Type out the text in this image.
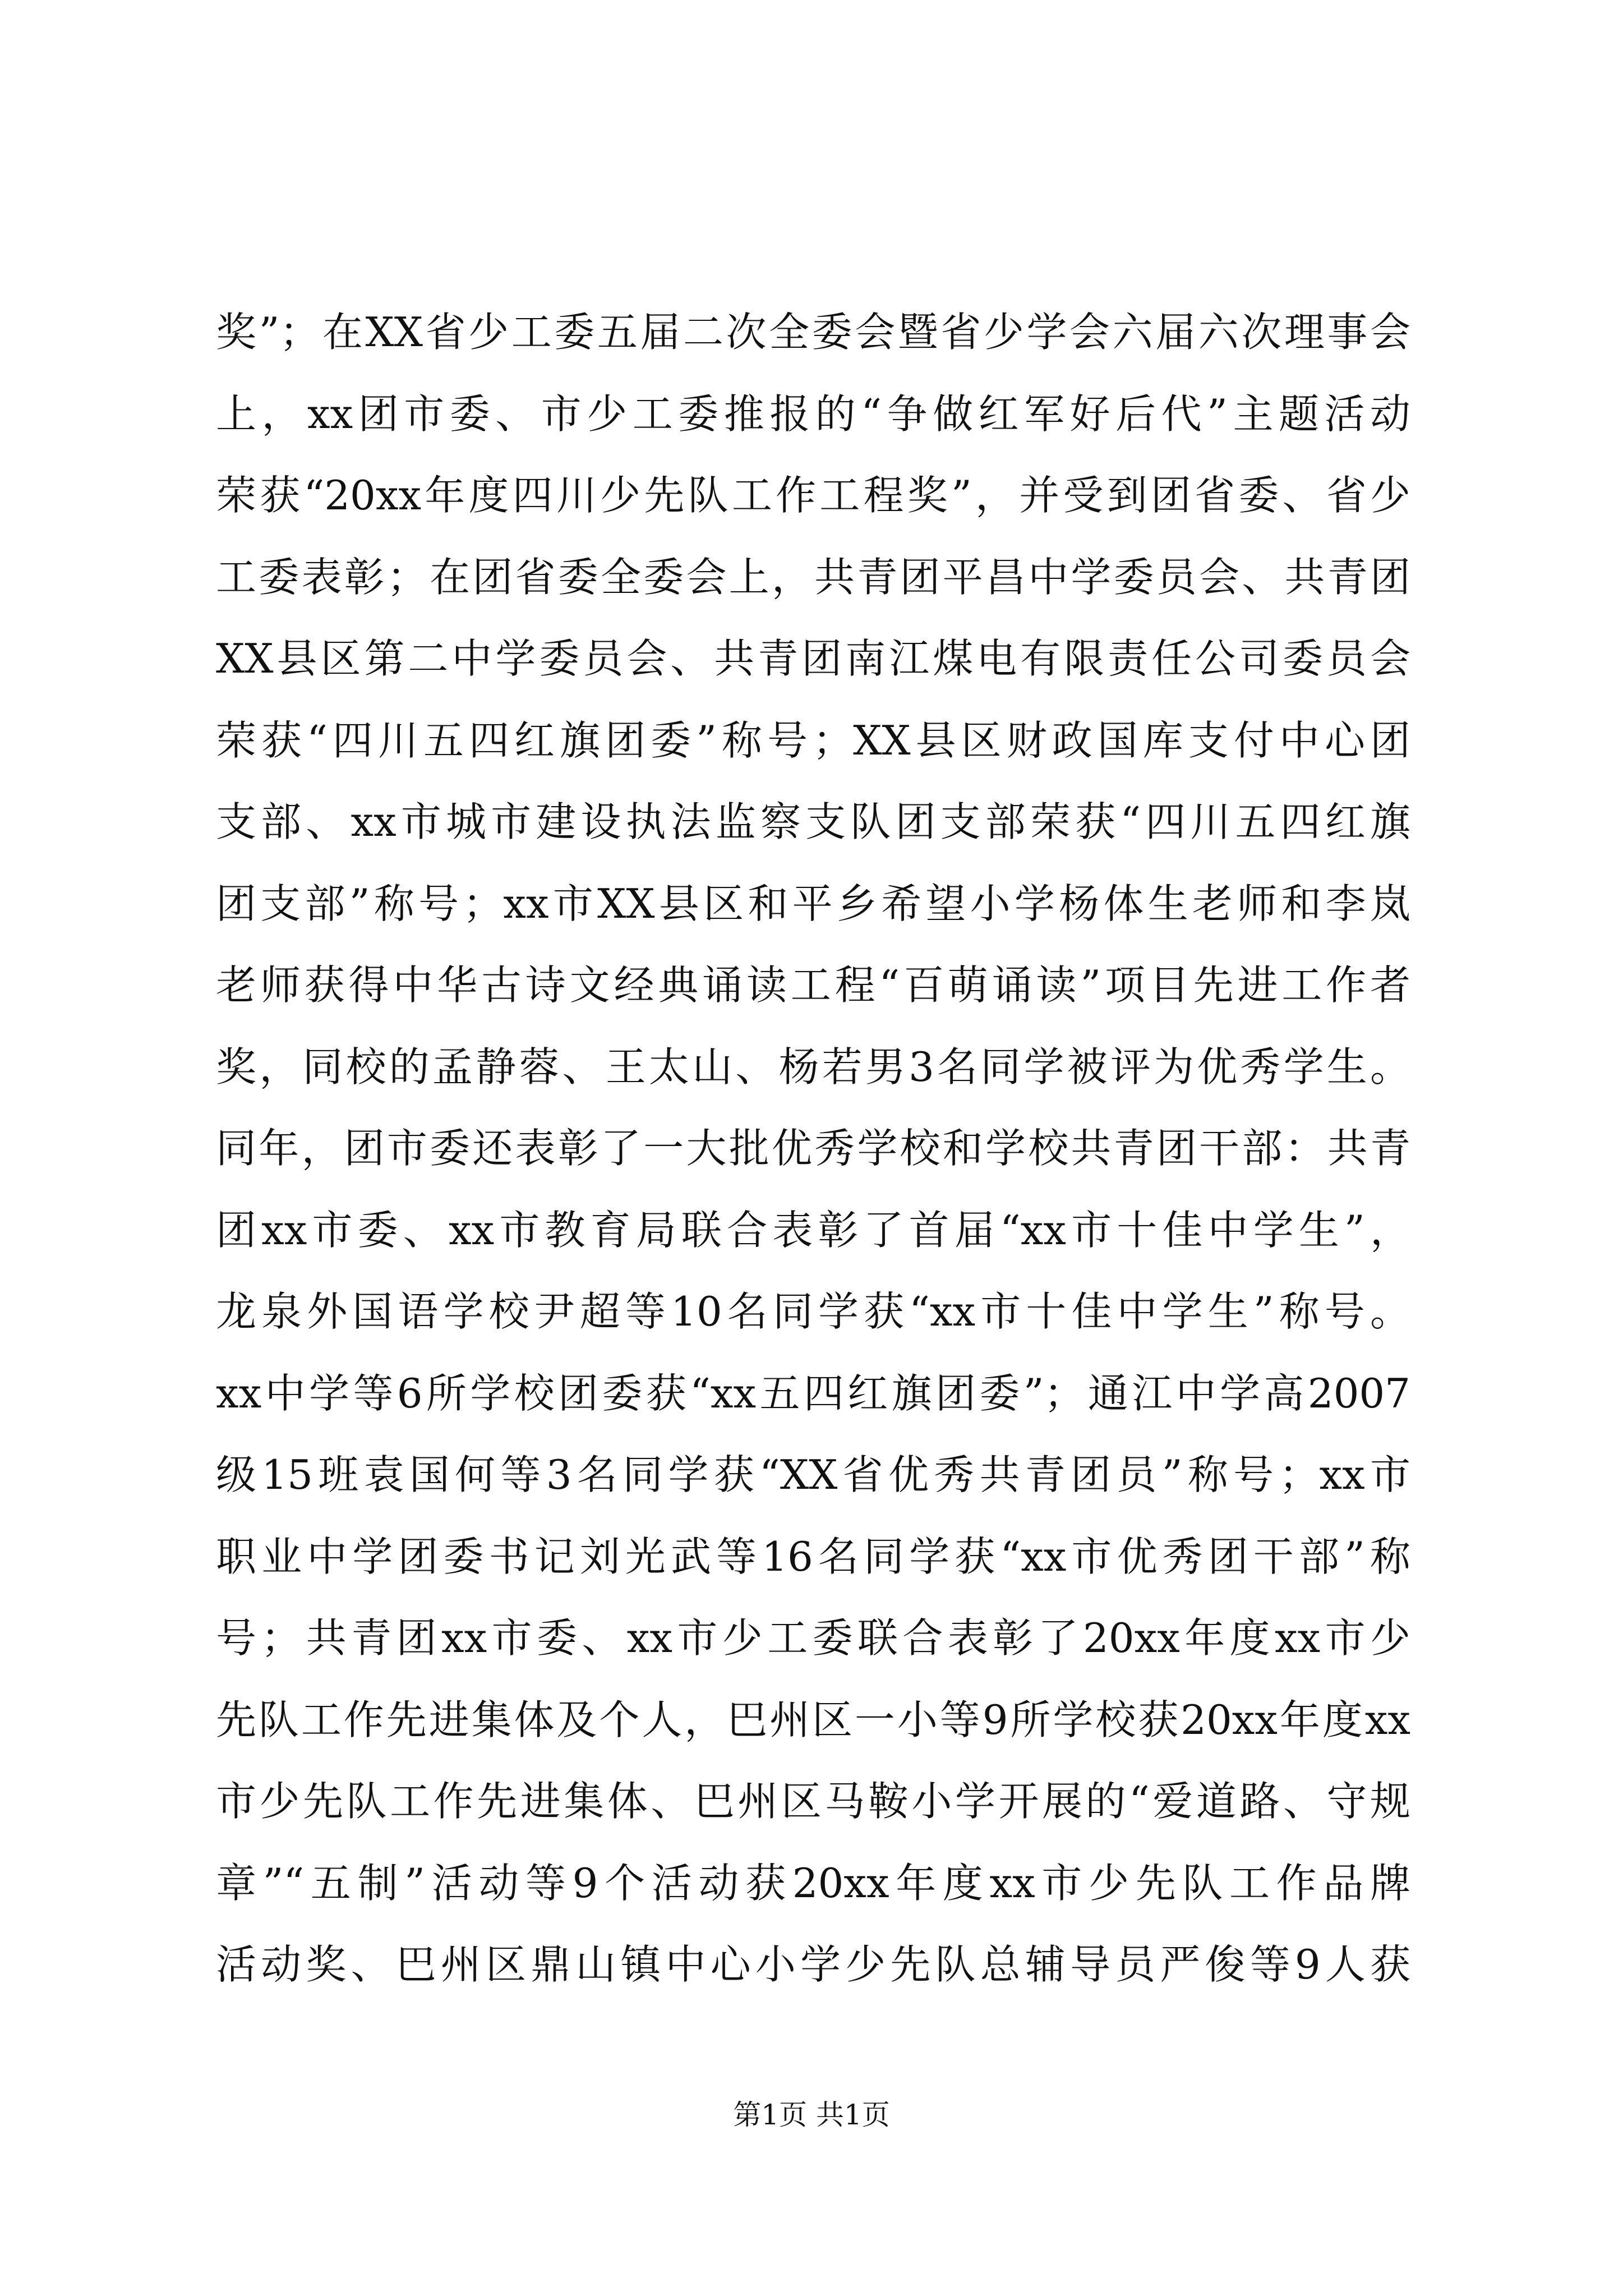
奖”；在XX省少工委五届二次全委会暨省少学会六届六次理事会
上，xx团市委、市少工委推报的“争做红军好后代”主题活动
荣获“20xx年度四川少先队工作工程奖”，并受到团省委、省少
工委表彰；在团省委全委会上，共青团平昌中学委员会、共青团
XX县区第二中学委员会、共青团南江煤电有限责任公司委员会
荣获“四川五四红旗团委”称号；XX县区财政国库支付中心团
支部、xx市城市建设执法监察支队团支部荣获“四川五四红旗
团支部”称号；xx市XX县区和平乡希望小学杨体生老师和李岚
老师获得中华古诗文经典诵读工程“百萌诵读”项目先进工作者
奖，同校的孟静蓉、王太山、杨若男3名同学被评为优秀学生。
同年，团市委还表彰了一大批优秀学校和学校共青团干部：共青
团xx市委、xx市教育局联合表彰了首届“xx市十佳中学生”，
龙泉外国语学校尹超等10名同学获“xx市十佳中学生”称号。
xx中学等6所学校团委获“xx五四红旗团委”；通江中学高2007
级15班袁国何等3名同学获“XX省优秀共青团员”称号；xx市
职业中学团委书记刘光武等16名同学获“xx市优秀团干部”称
号；共青团xx市委、xx市少工委联合表彰了20xx年度xx市少
先队工作先进集体及个人，巴州区一小等9所学校获20xx年度xx
市少先队工作先进集体、巴州区马鞍小学开展的“爱道路、守规
章”“五制”活动等9个活动获20xx年度xx市少先队工作品牌
活动奖、巴州区鼎山镇中心小学少先队总辅导员严俊等9人获
第1页 共1页
